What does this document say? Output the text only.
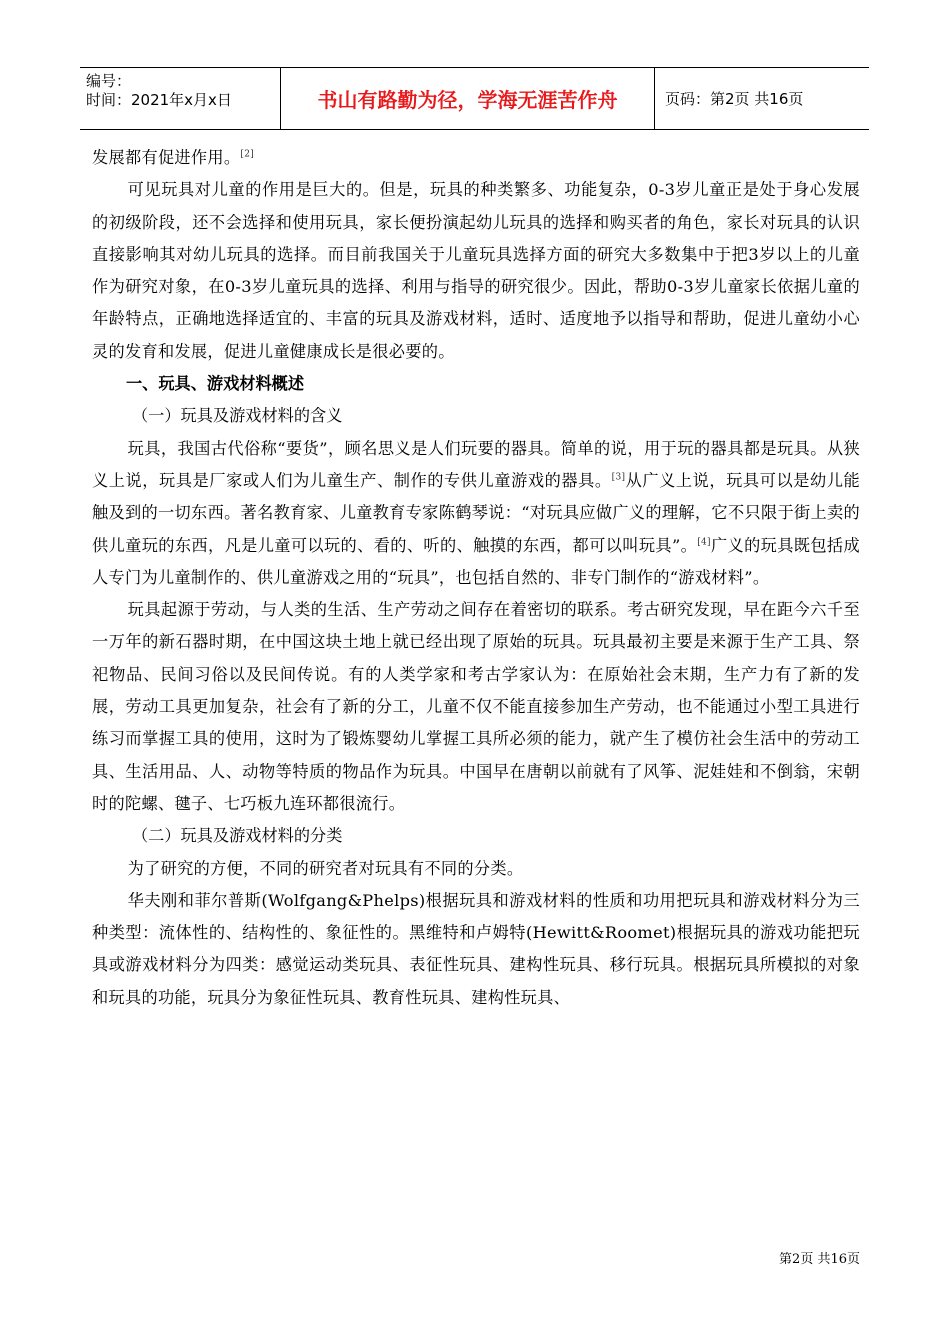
编号：
时间：2021年x月x日	书山有路勤为径，学海无涯苦作舟	页码：第2页 共16页

发展都有促进作用。[2]

可见玩具对儿童的作用是巨大的。但是，玩具的种类繁多、功能复杂，0-3岁儿童正是处于身心发展的初级阶段，还不会选择和使用玩具，家长便扮演起幼儿玩具的选择和购买者的角色，家长对玩具的认识直接影响其对幼儿玩具的选择。而目前我国关于儿童玩具选择方面的研究大多数集中于把3岁以上的儿童作为研究对象，在0-3岁儿童玩具的选择、利用与指导的研究很少。因此，帮助0-3岁儿童家长依据儿童的年龄特点，正确地选择适宜的、丰富的玩具及游戏材料，适时、适度地予以指导和帮助，促进儿童幼小心灵的发育和发展，促进儿童健康成长是很必要的。

一、玩具、游戏材料概述

（一）玩具及游戏材料的含义

玩具，我国古代俗称“要货”，顾名思义是人们玩要的器具。简单的说，用于玩的器具都是玩具。从狭义上说，玩具是厂家或人们为儿童生产、制作的专供儿童游戏的器具。[3]从广义上说，玩具可以是幼儿能触及到的一切东西。著名教育家、儿童教育专家陈鹤琴说：“对玩具应做广义的理解，它不只限于街上卖的供儿童玩的东西，凡是儿童可以玩的、看的、听的、触摸的东西，都可以叫玩具”。[4]广义的玩具既包括成人专门为儿童制作的、供儿童游戏之用的“玩具”，也包括自然的、非专门制作的“游戏材料”。

玩具起源于劳动，与人类的生活、生产劳动之间存在着密切的联系。考古研究发现，早在距今六千至一万年的新石器时期，在中国这块土地上就已经出现了原始的玩具。玩具最初主要是来源于生产工具、祭祀物品、民间习俗以及民间传说。有的人类学家和考古学家认为：在原始社会末期，生产力有了新的发展，劳动工具更加复杂，社会有了新的分工，儿童不仅不能直接参加生产劳动，也不能通过小型工具进行练习而掌握工具的使用，这时为了锻炼婴幼儿掌握工具所必须的能力，就产生了模仿社会生活中的劳动工具、生活用品、人、动物等特质的物品作为玩具。中国早在唐朝以前就有了风筝、泥娃娃和不倒翁，宋朝时的陀螺、毽子、七巧板九连环都很流行。

（二）玩具及游戏材料的分类

为了研究的方便，不同的研究者对玩具有不同的分类。

华夫刚和菲尔普斯(Wolfgang&Phelps)根据玩具和游戏材料的性质和功用把玩具和游戏材料分为三种类型：流体性的、结构性的、象征性的。黑维特和卢姆特(Hewitt&Roomet)根据玩具的游戏功能把玩具或游戏材料分为四类：感觉运动类玩具、表征性玩具、建构性玩具、移行玩具。根据玩具所模拟的对象和玩具的功能，玩具分为象征性玩具、教育性玩具、建构性玩具、

第2页 共16页
